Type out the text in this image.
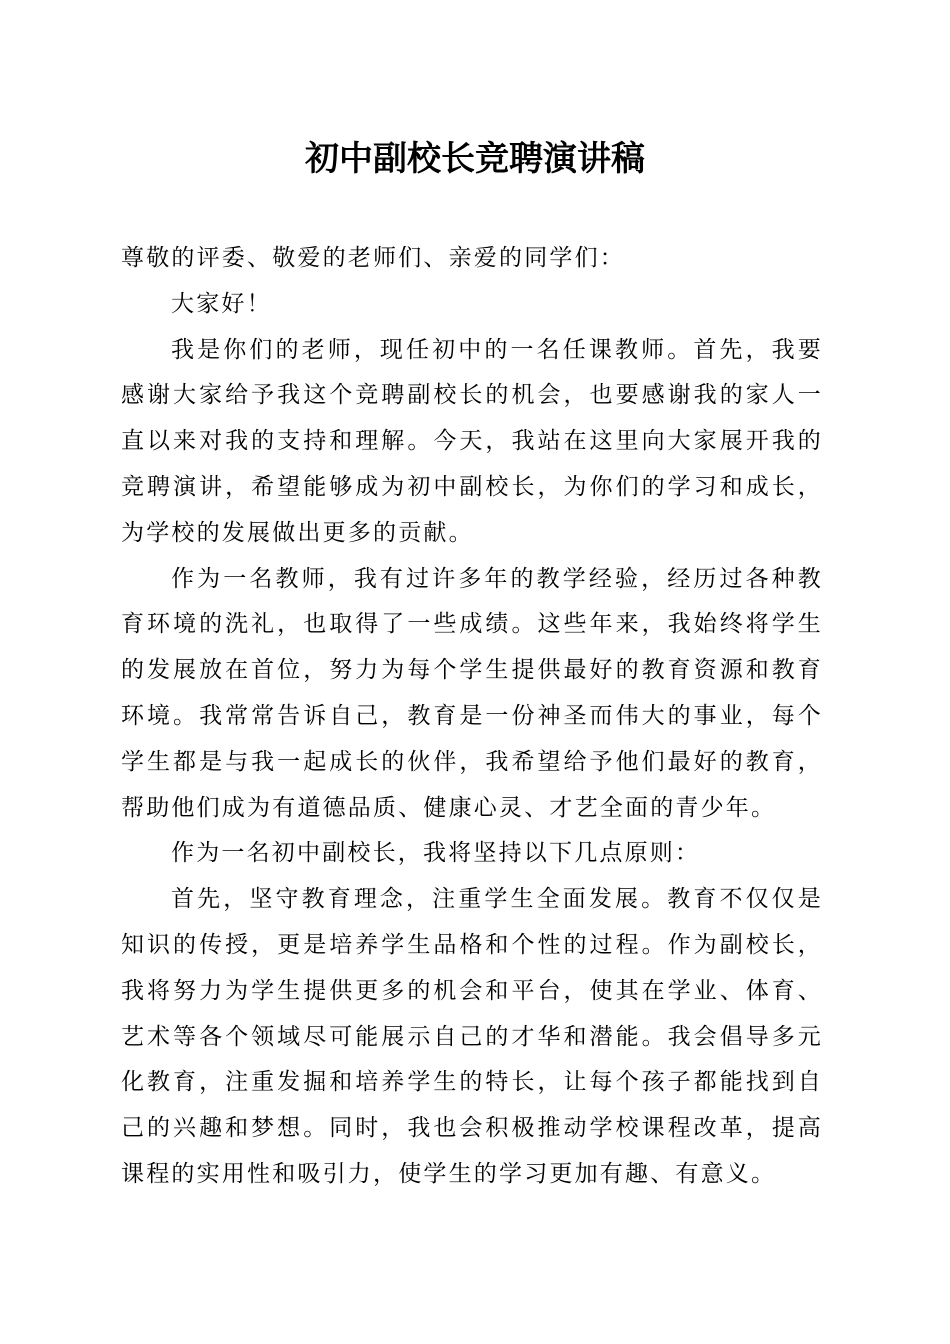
初中副校长竞聘演讲稿

尊敬的评委、敬爱的老师们、亲爱的同学们：

大家好！

我是你们的老师，现任初中的一名任课教师。首先，我要感谢大家给予我这个竞聘副校长的机会，也要感谢我的家人一直以来对我的支持和理解。今天，我站在这里向大家展开我的竞聘演讲，希望能够成为初中副校长，为你们的学习和成长，为学校的发展做出更多的贡献。

作为一名教师，我有过许多年的教学经验，经历过各种教育环境的洗礼，也取得了一些成绩。这些年来，我始终将学生的发展放在首位，努力为每个学生提供最好的教育资源和教育环境。我常常告诉自己，教育是一份神圣而伟大的事业，每个学生都是与我一起成长的伙伴，我希望给予他们最好的教育，帮助他们成为有道德品质、健康心灵、才艺全面的青少年。

作为一名初中副校长，我将坚持以下几点原则：

首先，坚守教育理念，注重学生全面发展。教育不仅仅是知识的传授，更是培养学生品格和个性的过程。作为副校长，我将努力为学生提供更多的机会和平台，使其在学业、体育、艺术等各个领域尽可能展示自己的才华和潜能。我会倡导多元化教育，注重发掘和培养学生的特长，让每个孩子都能找到自己的兴趣和梦想。同时，我也会积极推动学校课程改革，提高课程的实用性和吸引力，使学生的学习更加有趣、有意义。
